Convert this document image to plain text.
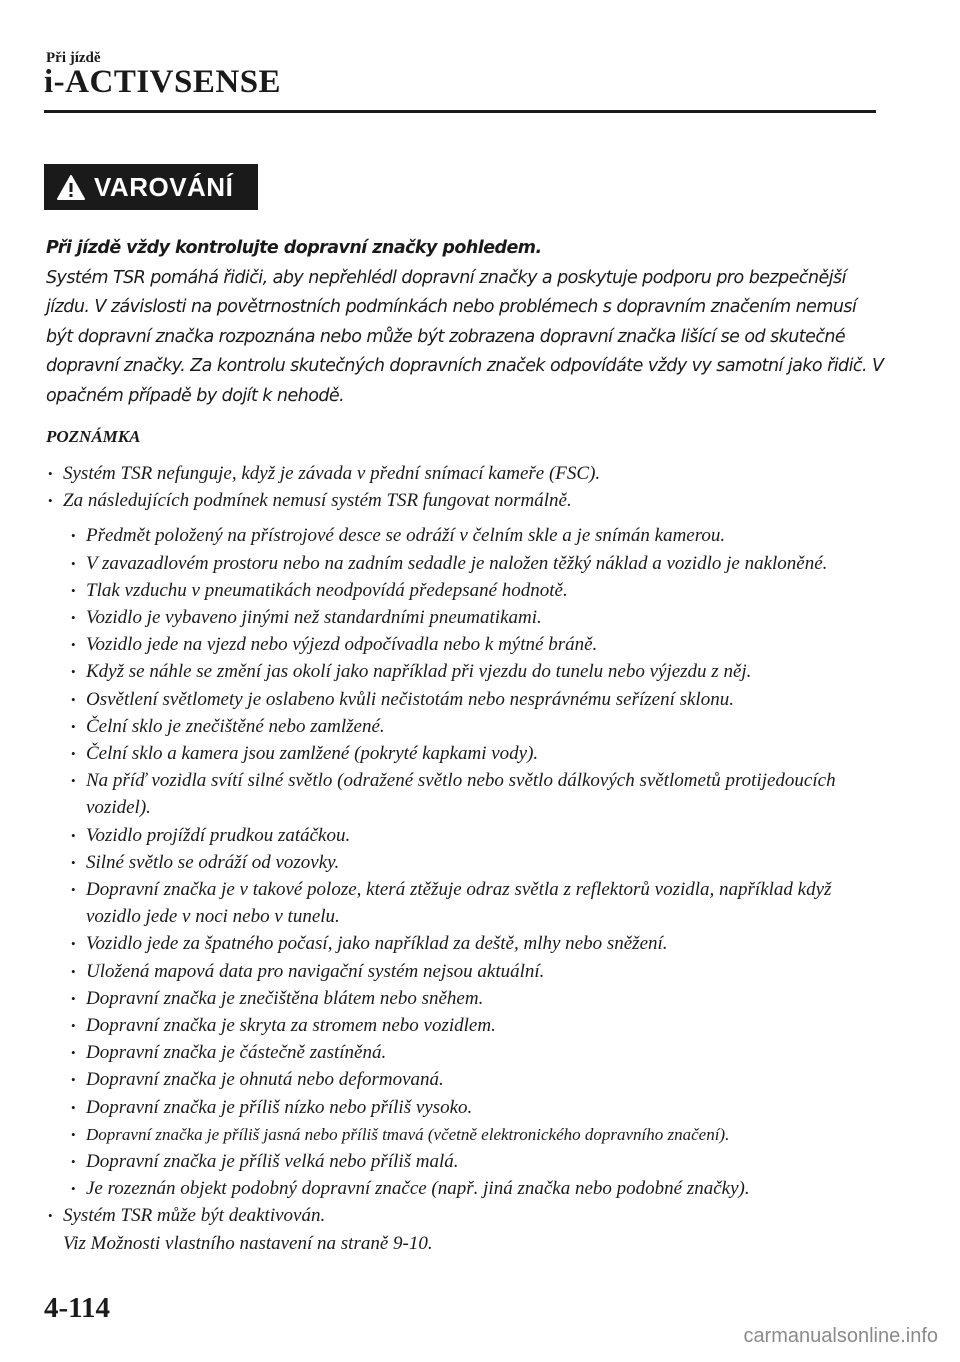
Při jízdě
i-ACTIVSENSE
VAROVÁNÍ
Při jízdě vždy kontrolujte dopravní značky pohledem.
Systém TSR pomáhá řidiči, aby nepřehlédl dopravní značky a poskytuje podporu pro bezpečnější jízdu. V závislosti na povětrnostních podmínkách nebo problémech s dopravním značením nemusí být dopravní značka rozpoznána nebo může být zobrazena dopravní značka lišící se od skutečné dopravní značky. Za kontrolu skutečných dopravních značek odpovídáte vždy vy samotní jako řidič. V opačném případě by dojít k nehodě.
POZNÁMKA

• Systém TSR nefunguje, když je závada v přední snímací kameře (FSC).

• Za následujících podmínek nemusí systém TSR fungovat normálně.

• Předmět položený na přístrojové desce se odráží v čelním skle a je snímán kamerou.

• V zavazadlovém prostoru nebo na zadním sedadle je naložen těžký náklad a vozidlo je nakloněné.

• Tlak vzduchu v pneumatikách neodpovídá předepsané hodnotě.

• Vozidlo je vybaveno jinými než standardními pneumatikami.

• Vozidlo jede na vjezd nebo výjezd odpočívadla nebo k mýtné bráně.

• Když se náhle se změní jas okolí jako například při vjezdu do tunelu nebo výjezdu z něj.

• Osvětlení světlomety je oslabeno kvůli nečistotám nebo nesprávnému seřízení sklonu.

• Čelní sklo je znečištěné nebo zamlžené.

• Čelní sklo a kamera jsou zamlžené (pokryté kapkami vody).

• Na příď vozidla svítí silné světlo (odražené světlo nebo světlo dálkových světlometů protijedoucích vozidel).

• Vozidlo projíždí prudkou zatáčkou.

• Silné světlo se odráží od vozovky.

• Dopravní značka je v takové poloze, která ztěžuje odraz světla z reflektorů vozidla, například když vozidlo jede v noci nebo v tunelu.

• Vozidlo jede za špatného počasí, jako například za deště, mlhy nebo sněžení.

• Uložená mapová data pro navigační systém nejsou aktuální.

• Dopravní značka je znečištěna blátem nebo sněhem.

• Dopravní značka je skryta za stromem nebo vozidlem.

• Dopravní značka je částečně zastíněná.

• Dopravní značka je ohnutá nebo deformovaná.

• Dopravní značka je příliš nízko nebo příliš vysoko.

• Dopravní značka je příliš jasná nebo příliš tmavá (včetně elektronického dopravního značení).

• Dopravní značka je příliš velká nebo příliš malá.

• Je rozeznán objekt podobný dopravní značce (např. jiná značka nebo podobné značky).

• Systém TSR může být deaktivován.

Viz Možnosti vlastního nastavení na straně 9-10.

4-114
carmanualsonline.info
